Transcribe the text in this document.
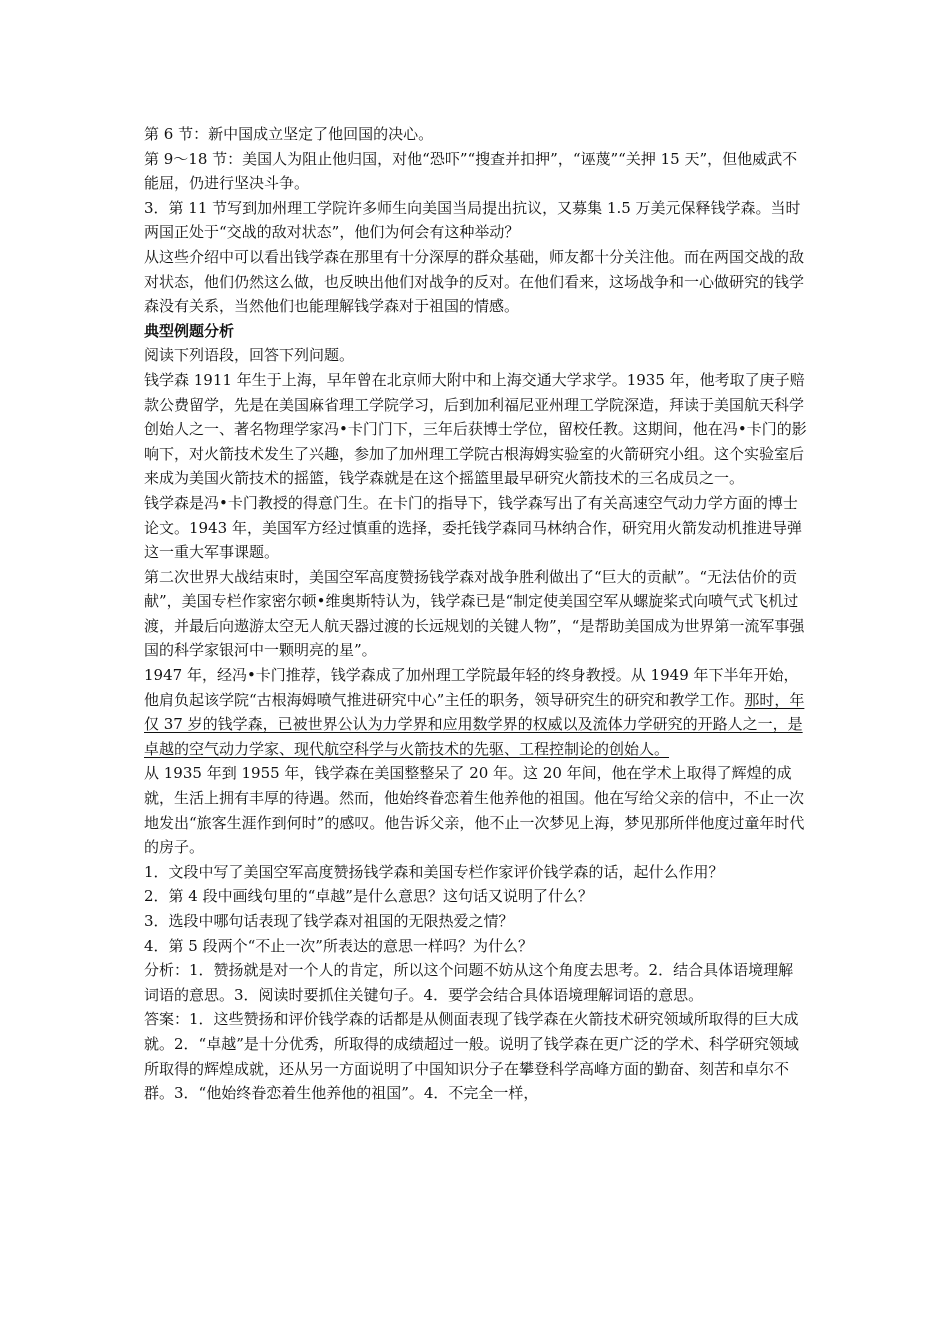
第 6 节：新中国成立坚定了他回国的决心。

第 9～18 节：美国人为阻止他归国，对他“恐吓”“搜查并扣押”，“诬蔑”“关押 15 天”，但他威武不能屈，仍进行坚决斗争。

3．第 11 节写到加州理工学院许多师生向美国当局提出抗议，又募集 1.5 万美元保释钱学森。当时两国正处于“交战的敌对状态”，他们为何会有这种举动？

从这些介绍中可以看出钱学森在那里有十分深厚的群众基础，师友都十分关注他。而在两国交战的敌对状态，他们仍然这么做，也反映出他们对战争的反对。在他们看来，这场战争和一心做研究的钱学森没有关系，当然他们也能理解钱学森对于祖国的情感。

典型例题分析

阅读下列语段，回答下列问题。

钱学森 1911 年生于上海，早年曾在北京师大附中和上海交通大学求学。1935 年，他考取了庚子赔款公费留学，先是在美国麻省理工学院学习，后到加利福尼亚州理工学院深造，拜读于美国航天科学创始人之一、著名物理学家冯•卡门门下，三年后获博士学位，留校任教。这期间，他在冯•卡门的影响下，对火箭技术发生了兴趣，参加了加州理工学院古根海姆实验室的火箭研究小组。这个实验室后来成为美国火箭技术的摇篮，钱学森就是在这个摇篮里最早研究火箭技术的三名成员之一。

钱学森是冯•卡门教授的得意门生。在卡门的指导下，钱学森写出了有关高速空气动力学方面的博士论文。1943 年，美国军方经过慎重的选择，委托钱学森同马林纳合作，研究用火箭发动机推进导弹这一重大军事课题。

第二次世界大战结束时，美国空军高度赞扬钱学森对战争胜利做出了“巨大的贡献”。“无法估价的贡献”，美国专栏作家密尔顿•维奥斯特认为，钱学森已是“制定使美国空军从螺旋桨式向喷气式飞机过渡，并最后向遨游太空无人航天器过渡的长远规划的关键人物”，“是帮助美国成为世界第一流军事强国的科学家银河中一颗明亮的星”。

1947 年，经冯•卡门推荐，钱学森成了加州理工学院最年轻的终身教授。从 1949 年下半年开始，他肩负起该学院“古根海姆喷气推进研究中心”主任的职务，领导研究生的研究和教学工作。那时，年仅 37 岁的钱学森，已被世界公认为力学界和应用数学界的权威以及流体力学研究的开路人之一，是卓越的空气动力学家、现代航空科学与火箭技术的先驱、工程控制论的创始人。

从 1935 年到 1955 年，钱学森在美国整整呆了 20 年。这 20 年间，他在学术上取得了辉煌的成就，生活上拥有丰厚的待遇。然而，他始终眷恋着生他养他的祖国。他在写给父亲的信中，不止一次地发出“旅客生涯作到何时”的感叹。他告诉父亲，他不止一次梦见上海，梦见那所伴他度过童年时代的房子。

1．文段中写了美国空军高度赞扬钱学森和美国专栏作家评价钱学森的话，起什么作用？

2．第 4 段中画线句里的“卓越”是什么意思？这句话又说明了什么？

3．选段中哪句话表现了钱学森对祖国的无限热爱之情？

4．第 5 段两个“不止一次”所表达的意思一样吗？为什么？

分析：1．赞扬就是对一个人的肯定，所以这个问题不妨从这个角度去思考。2．结合具体语境理解词语的意思。3．阅读时要抓住关键句子。4．要学会结合具体语境理解词语的意思。

答案：1．这些赞扬和评价钱学森的话都是从侧面表现了钱学森在火箭技术研究领域所取得的巨大成就。2．“卓越”是十分优秀，所取得的成绩超过一般。说明了钱学森在更广泛的学术、科学研究领域所取得的辉煌成就，还从另一方面说明了中国知识分子在攀登科学高峰方面的勤奋、刻苦和卓尔不群。3．“他始终眷恋着生他养他的祖国”。4．不完全一样，
